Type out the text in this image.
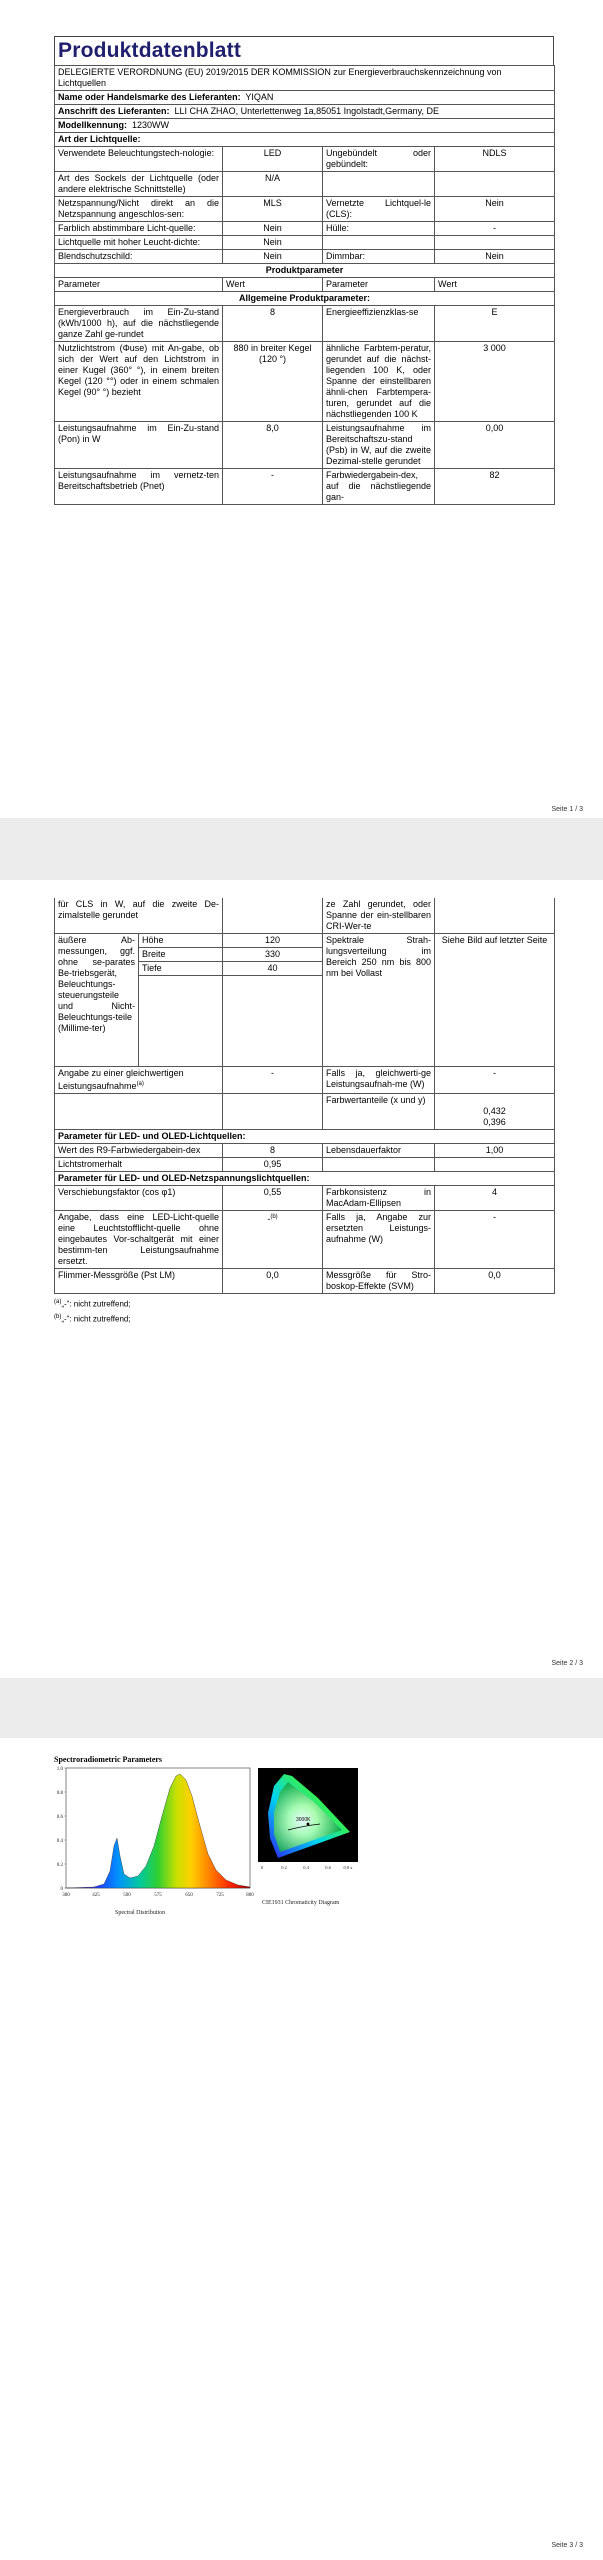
Produktdatenblatt
DELEGIERTE VERORDNUNG (EU) 2019/2015 DER KOMMISSION zur Energieverbrauchskennzeichnung von Lichtquellen			
Name oder Handelsmarke des Lieferanten: YIQAN			
Anschrift des Lieferanten: LLI CHA ZHAO, Unterlettenweg 1a,85051 Ingolstadt,Germany, DE			
Modellkennung: 1230WW			
Art der Lichtquelle:			
Verwendete Beleuchtungstech-nologie:	LED	Ungebündelt oder gebündelt:	NDLS
Art des Sockels der Lichtquelle (oder andere elektrische Schnittstelle)	N/A		
Netzspannung/Nicht direkt an die Netzspannung angeschlos-sen:	MLS	Vernetzte Lichtquel-le (CLS):	Nein
Farblich abstimmbare Licht-quelle:	Nein	Hülle:	-
Lichtquelle mit hoher Leucht-dichte:	Nein		
Blendschutzschild:	Nein	Dimmbar:	Nein
Produktparameter			
Parameter	Wert	Parameter	Wert
Allgemeine Produktparameter:			
Energieverbrauch im Ein-Zu-stand (kWh/1000 h), auf die nächstliegende ganze Zahl ge-rundet	8	Energieeffizienzklas-se	E
Nutzlichtstrom (Φuse) mit An-gabe, ob sich der Wert auf den Lichtstrom in einer Kugel (360° °), in einem breiten Kegel (120 °°) oder in einem schmalen Kegel (90° °) bezieht	880 in breiter Kegel (120 °)	ähnliche Farbtem-peratur, gerundet auf die nächst-liegenden 100 K, oder Spanne der einstellbaren ähnli-chen Farbtempera-turen, gerundet auf die nächstliegenden 100 K	3 000
Leistungsaufnahme im Ein-Zu-stand (Pon) in W	8,0	Leistungsaufnahme im Bereitschaftszu-stand (Psb) in W, auf die zweite Dezimal-stelle gerundet	0,00
Leistungsaufnahme im vernetz-ten Bereitschaftsbetrieb (Pnet)	-	Farbwiedergabein-dex, auf die nächstliegende gan-	82
Seite 1 / 3
für CLS in W, auf die zweite De-zimalstelle gerundet			ze Zahl gerundet, oder Spanne der ein-stellbaren CRI-Wer-te	
äußere Ab-messungen, ggf. ohne se-parates Be-triebsgerät, Beleuchtungs-steuerungsteile und Nicht-Beleuchtungs-teile (Millime-ter)	Höhe	120	Spektrale Strah-lungsverteilung im Bereich 250 nm bis 800 nm bei Vollast	Siehe Bild auf letzter Seite
	Breite	330		
	Tiefe	40		

Angabe zu einer gleichwertigen Leistungsaufnahme$^{(a)}$		-	Falls ja, gleichwerti-ge Leistungsaufnah-me (W)	-
			Farbwertanteile (x und y)	0,432
0,396

Parameter für LED- und OLED-Lichtquellen:				
Wert des R9-Farbwiedergabein-dex		8	Lebensdauerfaktor	1,00
Lichtstromerhalt		0,95		
Parameter für LED- und OLED-Netzspannungslichtquellen:				
Verschiebungsfaktor (cos φ1)		0,55	Farbkonsistenz in MacAdam-Ellipsen	4
Angabe, dass eine LED-Licht-quelle eine Leuchtstofflicht-quelle ohne eingebautes Vor-schaltgerät mit einer bestimm-ten Leistungsaufnahme ersetzt.		-$^{(b)}$	Falls ja, Angabe zur ersetzten Leistungs-aufnahme (W)	-
Flimmer-Messgröße (Pst LM)		0,0	Messgröße für Stro-boskop-Effekte (SVM)	0,0
$^{(a)}$„-“: nicht zutreffend;
$^{(b)}$„-“: nicht zutreffend;
Seite 2 / 3
Seite 3 / 3
Spectroradiometric Parameters
1.0
0.8
0.6
0.4
0.2
0
380	425	500	575	650	725	800
Spectral Distribution
3000K
0	0.2	0.4	0.6	0.8 x
CIE1931 Chromaticity Diagram
